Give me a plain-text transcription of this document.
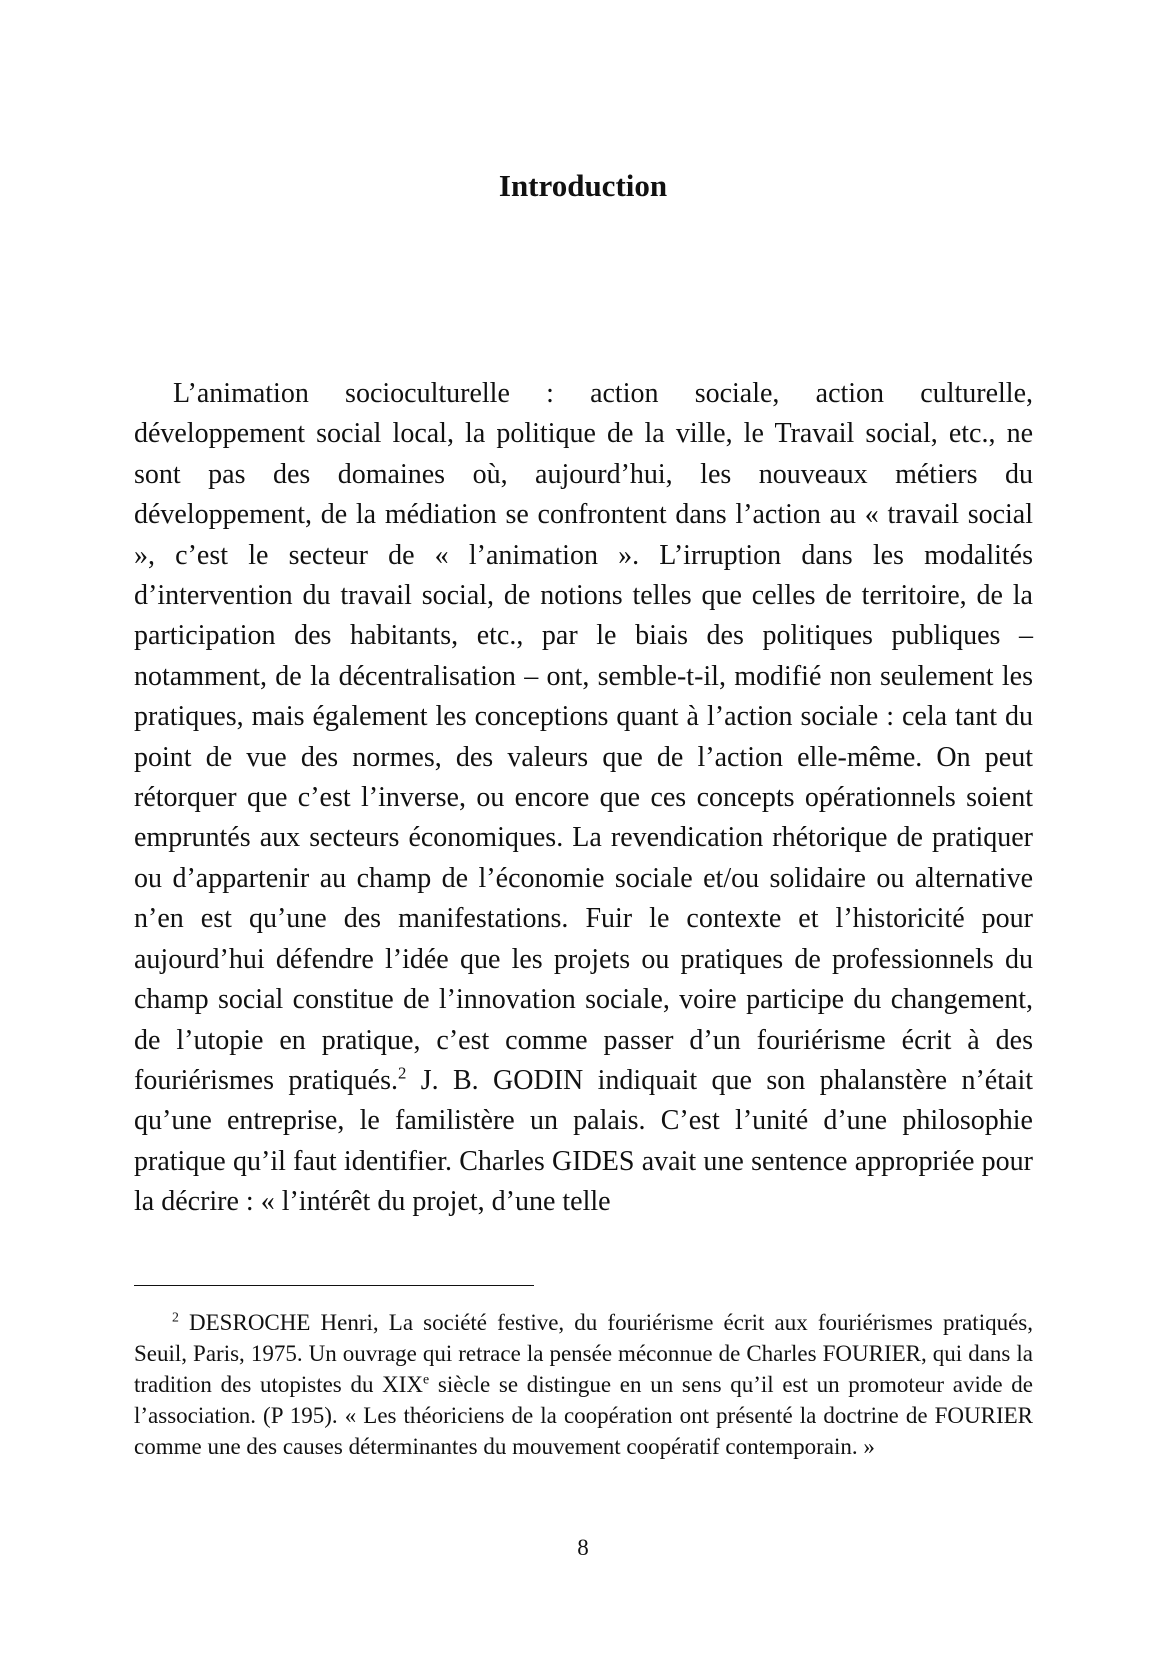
Introduction

L’animation socioculturelle : action sociale, action culturelle, développement social local, la politique de la ville, le Travail social, etc., ne sont pas des domaines où, aujourd’hui, les nouveaux métiers du développement, de la médiation se confrontent dans l’action au « travail social », c’est le secteur de « l’animation ». L’irruption dans les modalités d’intervention du travail social, de notions telles que celles de territoire, de la participation des habitants, etc., par le biais des politiques publiques – notamment, de la décentralisation – ont, semble-t-il, modifié non seulement les pratiques, mais également les conceptions quant à l’action sociale : cela tant du point de vue des normes, des valeurs que de l’action elle-même. On peut rétorquer que c’est l’inverse, ou encore que ces concepts opérationnels soient empruntés aux secteurs économiques. La revendication rhétorique de pratiquer ou d’appartenir au champ de l’économie sociale et/ou solidaire ou alternative n’en est qu’une des manifestations. Fuir le contexte et l’historicité pour aujourd’hui défendre l’idée que les projets ou pratiques de professionnels du champ social constitue de l’innovation sociale, voire participe du changement, de l’utopie en pratique, c’est comme passer d’un fouriérisme écrit à des fouriérismes pratiqués.$^2$ J. B. GODIN indiquait que son phalanstère n’était qu’une entreprise, le familistère un palais. C’est l’unité d’une philosophie pratique qu’il faut identifier. Charles GIDES avait une sentence appropriée pour la décrire : « l’intérêt du projet, d’une telle

$^2$ DESROCHE Henri, La société festive, du fouriérisme écrit aux fouriérismes pratiqués, Seuil, Paris, 1975. Un ouvrage qui retrace la pensée méconnue de Charles FOURIER, qui dans la tradition des utopistes du XIXe siècle se distingue en un sens qu’il est un promoteur avide de l’association. (P 195). « Les théoriciens de la coopération ont présenté la doctrine de FOURIER comme une des causes déterminantes du mouvement coopératif contemporain. »

8
